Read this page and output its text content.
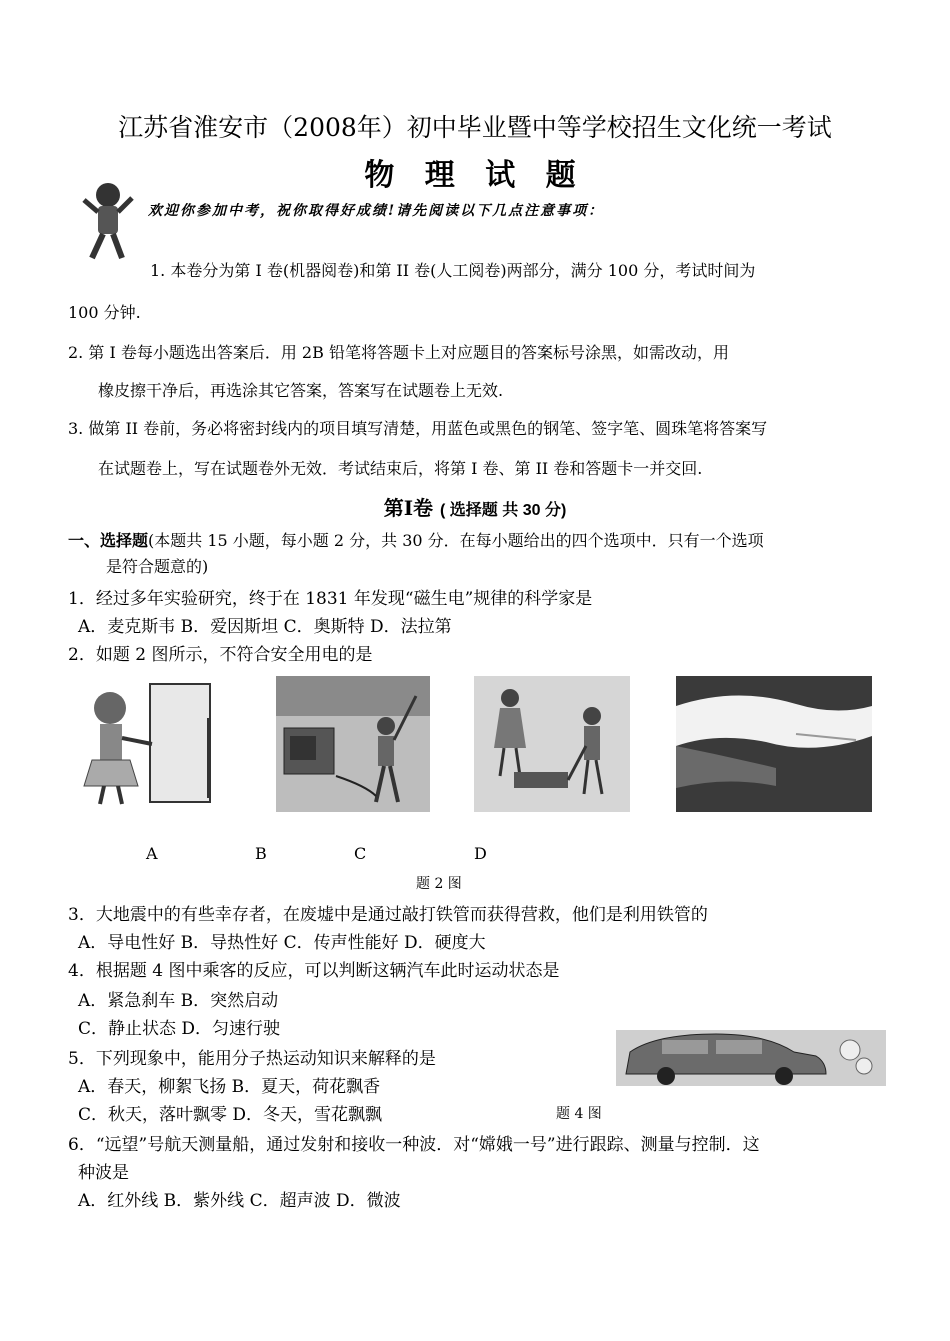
江苏省淮安市（2008年）初中毕业暨中等学校招生文化统一考试
物 理 试 题
欢迎你参加中考，祝你取得好成绩!请先阅读以下几点注意事项：
1. 本卷分为第 I 卷(机器阅卷)和第 II 卷(人工阅卷)两部分，满分 100 分，考试时间为
100 分钟.
2. 第 I 卷每小题选出答案后．用 2B 铅笔将答题卡上对应题目的答案标号涂黑，如需改动，用
橡皮擦干净后，再选涂其它答案，答案写在试题卷上无效.
3. 做第 II 卷前，务必将密封线内的项目填写清楚，用蓝色或黑色的钢笔、签字笔、圆珠笔将答案写
在试题卷上，写在试题卷外无效．考试结束后，将第 I 卷、第 II 卷和答题卡一并交回.
第Ⅰ卷 ( 选择题 共 30 分)
一、选择题(本题共 15 小题，每小题 2 分，共 30 分．在每小题给出的四个选项中．只有一个选项
是符合题意的)
1．经过多年实验研究，终于在 1831 年发现“磁生电”规律的科学家是
A．麦克斯韦 B．爱因斯坦 C．奥斯特 D．法拉第
2．如题 2 图所示，不符合安全用电的是
A	B	C	D
题 2 图
3．大地震中的有些幸存者，在废墟中是通过敲打铁管而获得营救，他们是利用铁管的
A．导电性好 B．导热性好 C．传声性能好 D．硬度大
4．根据题 4 图中乘客的反应，可以判断这辆汽车此时运动状态是
A．紧急刹车 B．突然启动
C．静止状态 D．匀速行驶
5．下列现象中，能用分子热运动知识来解释的是
A．春天，柳絮飞扬 B．夏天，荷花飘香
C．秋天，落叶飘零 D．冬天，雪花飘飘	题 4 图
6．“远望”号航天测量船，通过发射和接收一种波．对“嫦娥一号”进行跟踪、测量与控制．这
种波是
A．红外线 B．紫外线 C．超声波 D．微波
